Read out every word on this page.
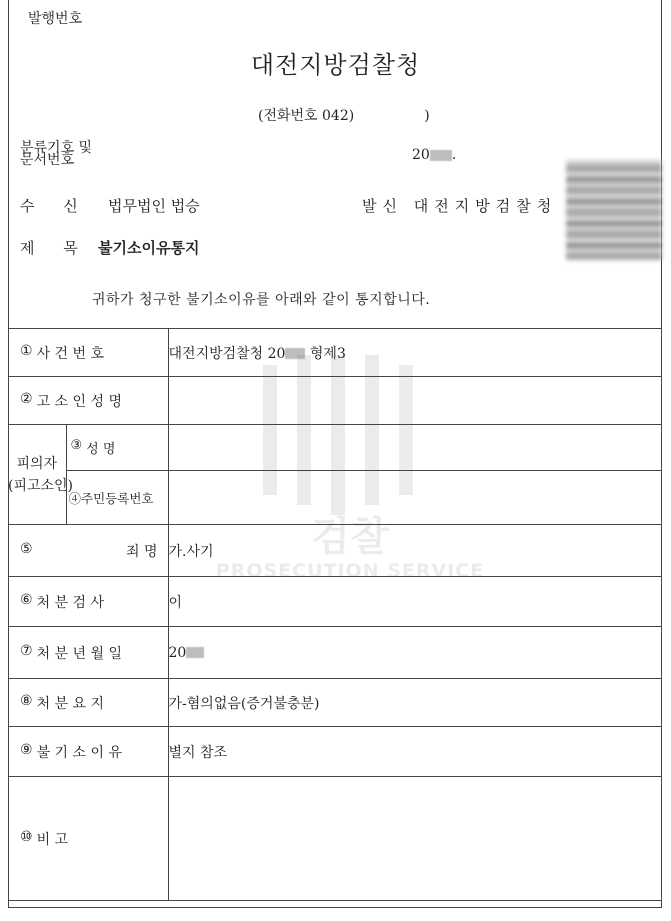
발행번호
대전지방검찰청
(전화번호 042)	)
분류기호 및
문서번호	20 .
수 신 법무법인 법승	발신 대전지방검찰청
제 목 불기소이유통지
귀하가 청구한 불기소이유를 아래와 같이 통지합니다.
① 사 건 번 호		대전지방검찰청 20 형제3

② 고 소 인 성 명		

피의자
(피고소인)	③ 성 명	

	④주민등록번호	

⑤ 죄 명		가.사기

⑥ 처 분 검 사		이

⑦ 처 분 년 월 일		20

⑧ 처 분 요 지		가-혐의없음(증거불충분)

⑨ 불 기 소 이 유		별지 참조

⑩ 비 고		

검찰
PROSECUTION SERVICE
